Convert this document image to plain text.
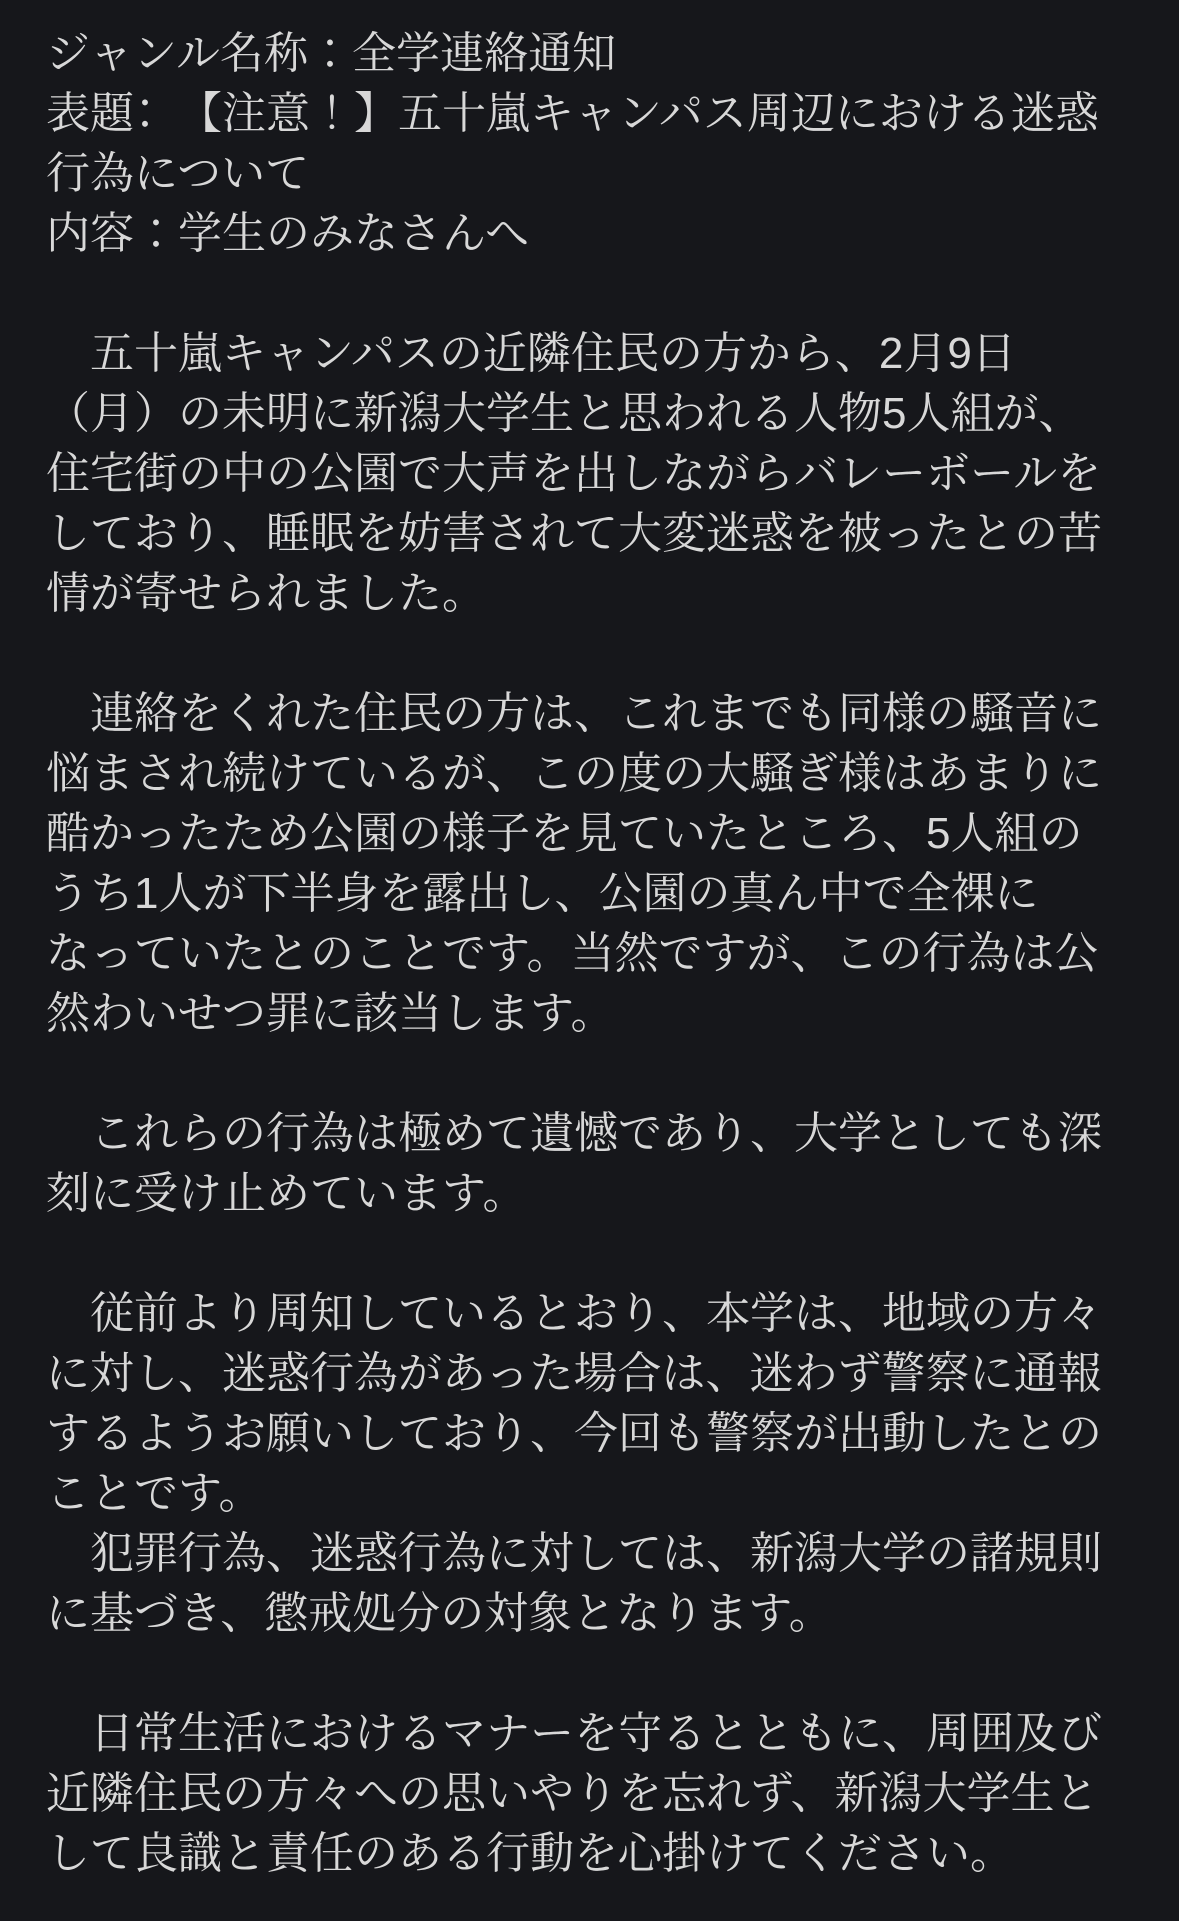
ジャンル名称：全学連絡通知
表題：　【注意！】五十嵐キャンパス周辺における迷惑
行為について
内容：学生のみなさんへ
　五十嵐キャンパスの近隣住民の方から、2月9日
（月）の未明に新潟大学生と思われる人物5人組が、
住宅街の中の公園で大声を出しながらバレーボールを
しており、睡眠を妨害されて大変迷惑を被ったとの苦
情が寄せられました。
　連絡をくれた住民の方は、これまでも同様の騒音に
悩まされ続けているが、この度の大騒ぎ様はあまりに
酷かったため公園の様子を見ていたところ、5人組の
うち1人が下半身を露出し、公園の真ん中で全裸に
なっていたとのことです。当然ですが、この行為は公
然わいせつ罪に該当します。
　これらの行為は極めて遺憾であり、大学としても深
刻に受け止めています。
　従前より周知しているとおり、本学は、地域の方々
に対し、迷惑行為があった場合は、迷わず警察に通報
するようお願いしており、今回も警察が出動したとの
ことです。
　犯罪行為、迷惑行為に対しては、新潟大学の諸規則
に基づき、懲戒処分の対象となります。
　日常生活におけるマナーを守るとともに、周囲及び
近隣住民の方々への思いやりを忘れず、新潟大学生と
して良識と責任のある行動を心掛けてください。
